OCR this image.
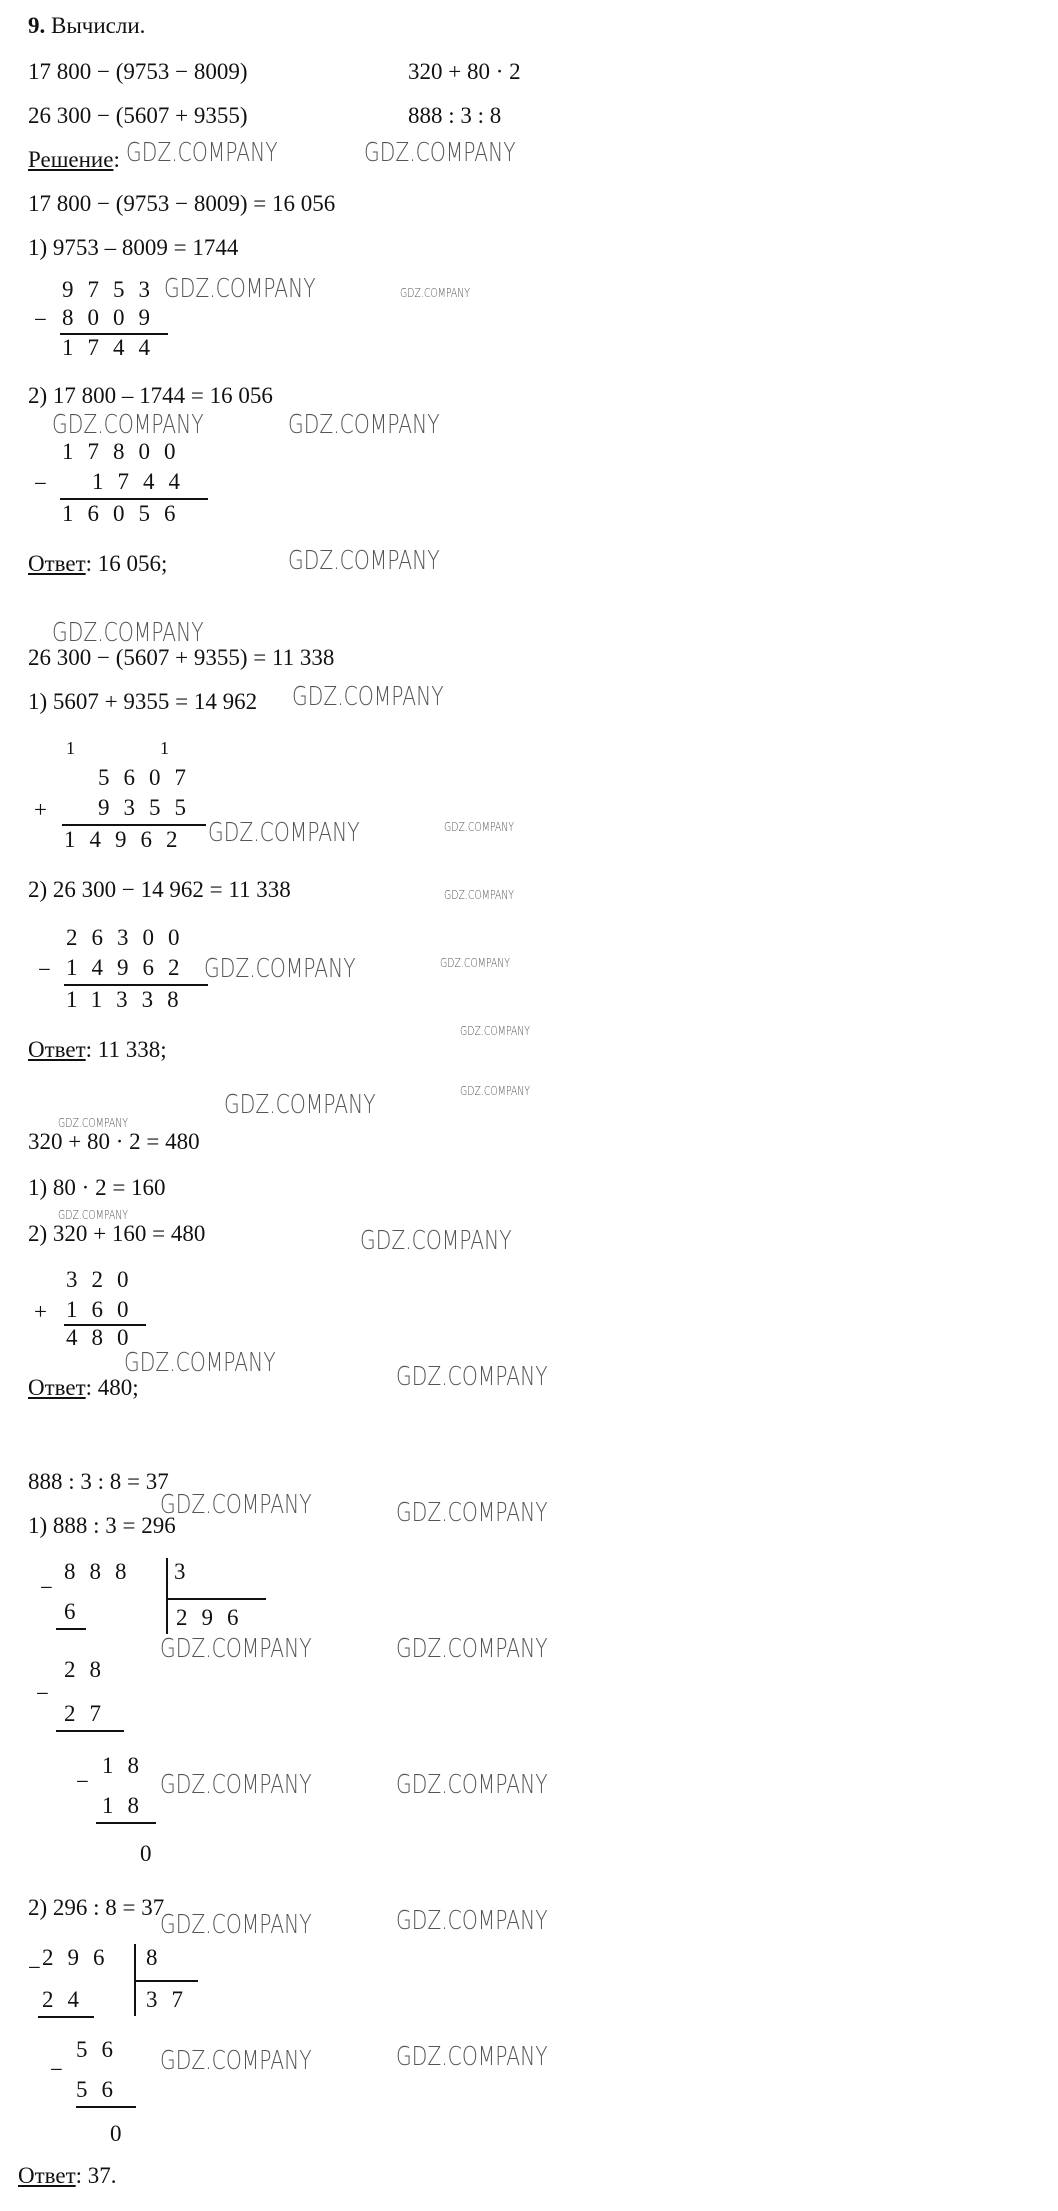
9. Вычисли.
17 800 − (9753 − 8009)	320 + 80 · 2
26 300 − (5607 + 9355)	888 : 3 : 8
Решение:
17 800 − (9753 − 8009) = 16 056
1) 9753 – 8009 = 1744
9753
− 8009
1744
2) 17 800 – 1744 = 16 056
17800
− 1744
16056
Ответ: 16 056;
26 300 − (5607 + 9355) = 11 338
1) 5607 + 9355 = 14 962
1	1
5607
+ 9355
14962
2) 26 300 − 14 962 = 11 338
26300
− 14962
11338
Ответ: 11 338;
320 + 80 · 2 = 480
1) 80 · 2 = 160
2) 320 + 160 = 480
320
+ 160
480
Ответ: 480;
888 : 3 : 8 = 37
1) 888 : 3 = 296
−
888 3
296
6
−
28
27
−
18
18
0
2) 296 : 8 = 37
− 296 8
37
24
−
56
56
0
Ответ: 37.
GDZ.COMPANY	GDZ.COMPANY
GDZ.COMPANY	GDZ.COMPANY
GDZ.COMPANY	GDZ.COMPANY
GDZ.COMPANY
GDZ.COMPANY
GDZ.COMPANY
GDZ.COMPANY	GDZ.COMPANY
GDZ.COMPANY
GDZ.COMPANY	GDZ.COMPANY
GDZ.COMPANY
GDZ.COMPANY	GDZ.COMPANY
GDZ.COMPANY
GDZ.COMPANY
GDZ.COMPANY
GDZ.COMPANY	GDZ.COMPANY
GDZ.COMPANY	GDZ.COMPANY
GDZ.COMPANY	GDZ.COMPANY
GDZ.COMPANY	GDZ.COMPANY
GDZ.COMPANY	GDZ.COMPANY
GDZ.COMPANY	GDZ.COMPANY
